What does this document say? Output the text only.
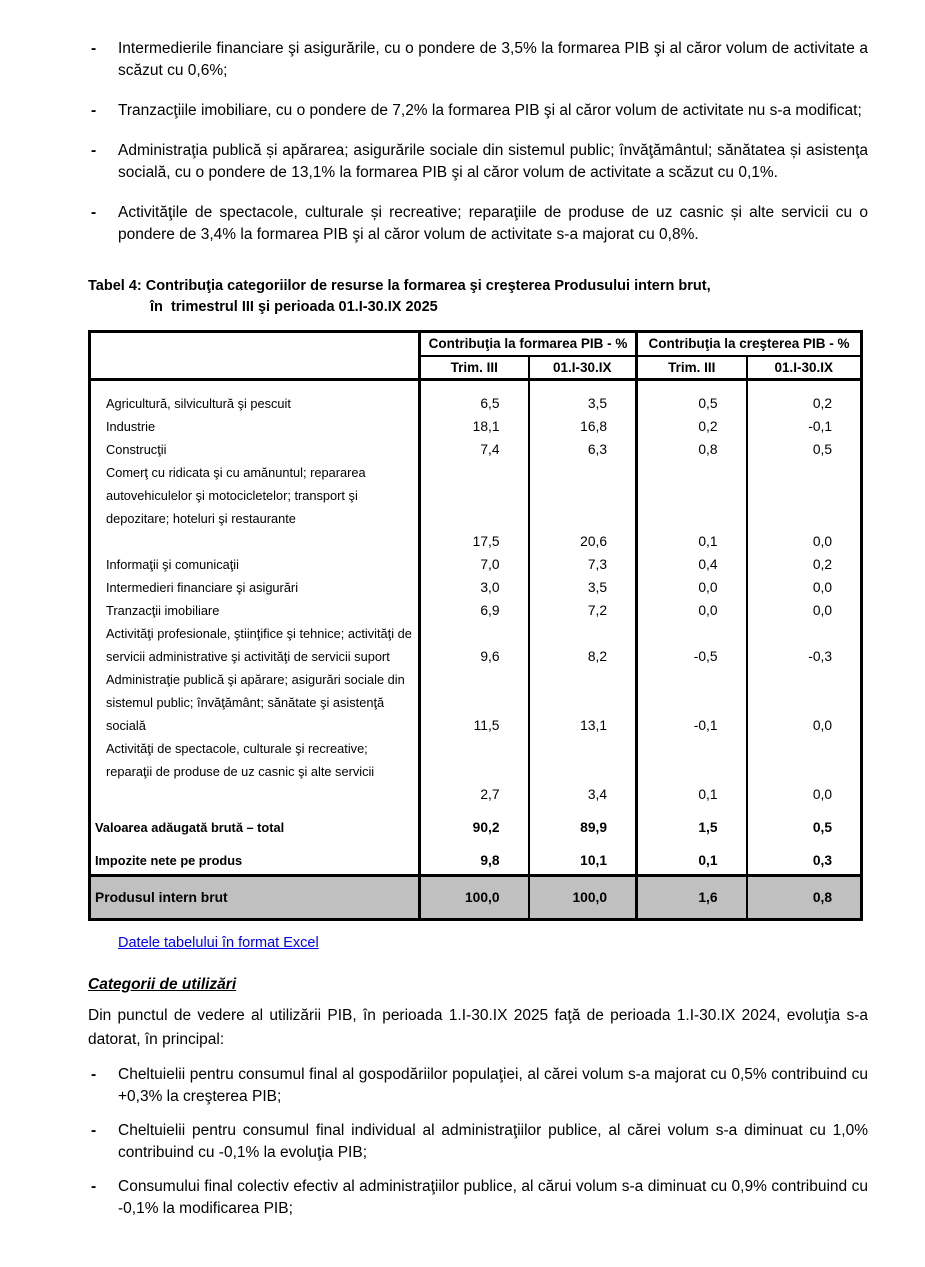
- Intermedierile financiare şi asigurările, cu o pondere de 3,5% la formarea PIB şi al căror volum de activitate a scăzut cu 0,6%;
- Tranzacţiile imobiliare, cu o pondere de 7,2% la formarea PIB şi al căror volum de activitate nu s-a modificat;
- Administraţia publică și apărarea; asigurările sociale din sistemul public; învăţământul; sănătatea și asistenţa socială, cu o pondere de 13,1% la formarea PIB şi al căror volum de activitate a scăzut cu 0,1%.
- Activităţile de spectacole, culturale și recreative; reparaţiile de produse de uz casnic și alte servicii cu o pondere de 3,4% la formarea PIB şi al căror volum de activitate s-a majorat cu 0,8%.
Tabel 4: Contribuţia categoriilor de resurse la formarea şi creşterea Produsului intern brut,
în  trimestrul III şi perioada 01.I-30.IX 2025
	Contribuţia la formarea PIB - %		Contribuţia la creşterea PIB - %	
	Trim. III	01.I-30.IX	Trim. III	01.I-30.IX

Agricultură, silvicultură şi pescuit	6,5	3,5	0,5	0,2

Industrie	18,1	16,8	0,2	-0,1

Construcţii	7,4	6,3	0,8	0,5

Comerţ cu ridicata şi cu amănuntul; repararea autovehiculelor şi motocicletelor; transport şi depozitare; hoteluri şi restaurante	17,5	20,6	0,1	0,0

Informaţii şi comunicaţii	7,0	7,3	0,4	0,2

Intermedieri financiare şi asigurări	3,0	3,5	0,0	0,0

Tranzacţii imobiliare	6,9	7,2	0,0	0,0

Activităţi profesionale, ştiinţifice şi tehnice; activităţi de servicii administrative şi activităţi de servicii suport	9,6	8,2	-0,5	-0,3

Administraţie publică şi apărare; asigurări sociale din sistemul public; învăţământ; sănătate şi asistenţă socială	11,5	13,1	-0,1	0,0

Activităţi de spectacole, culturale şi recreative; reparaţii de produse de uz casnic şi alte servicii	2,7	3,4	0,1	0,0

Valoarea adăugată brută – total	90,2	89,9	1,5	0,5

Impozite nete pe produs	9,8	10,1	0,1	0,3

Produsul intern brut	100,0	100,0	1,6	0,8
Datele tabelului în format Excel
Categorii de utilizări

Din punctul de vedere al utilizării PIB, în perioada 1.I-30.IX 2025 faţă de perioada 1.I-30.IX 2024, evoluţia s-a datorat, în principal:

- Cheltuielii pentru consumul final al gospodăriilor populaţiei, al cărei volum s-a majorat cu 0,5% contribuind cu +0,3% la creşterea PIB;
- Cheltuielii pentru consumul final individual al administraţiilor publice, al cărei volum s-a diminuat cu 1,0% contribuind cu -0,1% la evoluţia PIB;
- Consumului final colectiv efectiv al administraţiilor publice, al cărui volum s-a diminuat cu 0,9% contribuind cu -0,1% la modificarea PIB;
